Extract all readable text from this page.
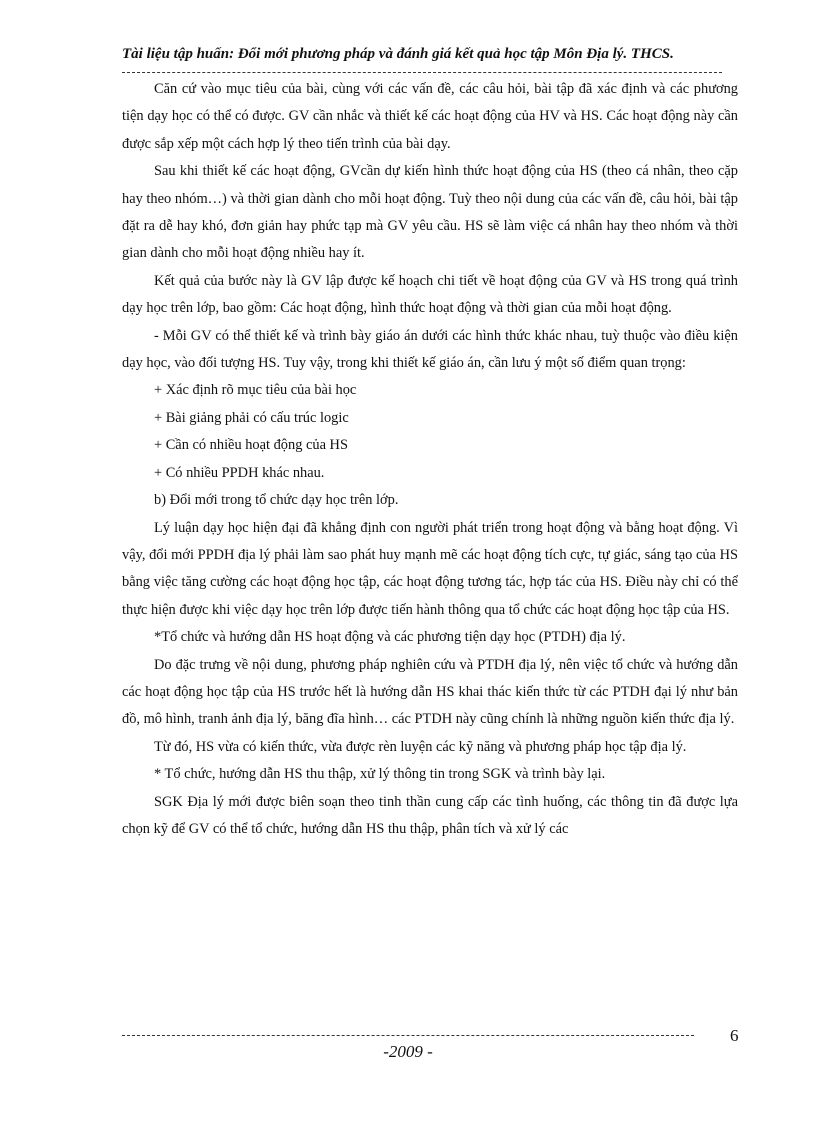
Tài liệu tập huấn: Đổi mới phương pháp và đánh giá kết quả học tập Môn Địa lý. THCS.

Căn cứ vào mục tiêu của bài, cùng với các vấn đề, các câu hỏi, bài tập đã xác định và các phương tiện dạy học có thể có được. GV cần nhắc và thiết kế các hoạt động của HV và HS. Các hoạt động này cần được sắp xếp một cách hợp lý theo tiến trình của bài dạy.

Sau khi thiết kế các hoạt động, GVcần dự kiến hình thức hoạt động của HS (theo cá nhân, theo cặp hay theo nhóm…) và thời gian dành cho mỗi hoạt động. Tuỳ theo nội dung của các vấn đề, câu hỏi, bài tập đặt ra dễ hay khó, đơn giản hay phức tạp mà GV yêu cầu. HS sẽ làm việc cá nhân hay theo nhóm và thời gian dành cho mỗi hoạt động nhiều hay ít.

Kết quả của bước này là GV lập được kế hoạch chi tiết về hoạt động của GV và HS trong quá trình dạy học trên lớp, bao gồm: Các hoạt động, hình thức hoạt động và thời gian của mỗi hoạt động.

- Mỗi GV có thể thiết kế và trình bày giáo án dưới các hình thức khác nhau, tuỳ thuộc vào điều kiện dạy học, vào đối tượng HS. Tuy vậy, trong khi thiết kế giáo án, cần lưu ý một số điểm quan trọng:

+ Xác định rõ mục tiêu của bài học

+ Bài giảng phải có cấu trúc logic

+ Cần có nhiều hoạt động của HS

+ Có nhiều PPDH khác nhau.

b) Đổi mới trong tổ chức dạy học trên lớp.

Lý luận dạy học hiện đại đã khẳng định con người phát triển trong hoạt động và bằng hoạt động. Vì vậy, đổi mới PPDH địa lý phải làm sao phát huy mạnh mẽ các hoạt động tích cực, tự giác, sáng tạo của HS bằng việc tăng cường các hoạt động học tập, các hoạt động tương tác, hợp tác của HS. Điều này chỉ có thể thực hiện được khi việc dạy học trên lớp được tiến hành thông qua tổ chức các hoạt động học tập của HS.

*Tổ chức và hướng dẫn HS hoạt động và các phương tiện dạy học (PTDH) địa lý.

Do đặc trưng về nội dung, phương pháp nghiên cứu và PTDH địa lý, nên việc tổ chức và hướng dẫn các hoạt động học tập của HS trước hết là hướng dẫn HS khai thác kiến thức từ các PTDH đại lý như bản đồ, mô hình, tranh ảnh địa lý, băng đĩa hình… các PTDH này cũng chính là những nguồn kiến thức địa lý.

Từ đó, HS vừa có kiến thức, vừa được rèn luyện các kỹ năng và phương pháp học tập địa lý.

* Tổ chức, hướng dẫn HS thu thập, xử lý thông tin trong SGK và trình bày lại.

SGK Địa lý mới được biên soạn theo tinh thần cung cấp các tình huống, các thông tin đã được lựa chọn kỹ để GV có thể tổ chức, hướng dẫn HS thu thập, phân tích và xử lý các

6
-2009 -
